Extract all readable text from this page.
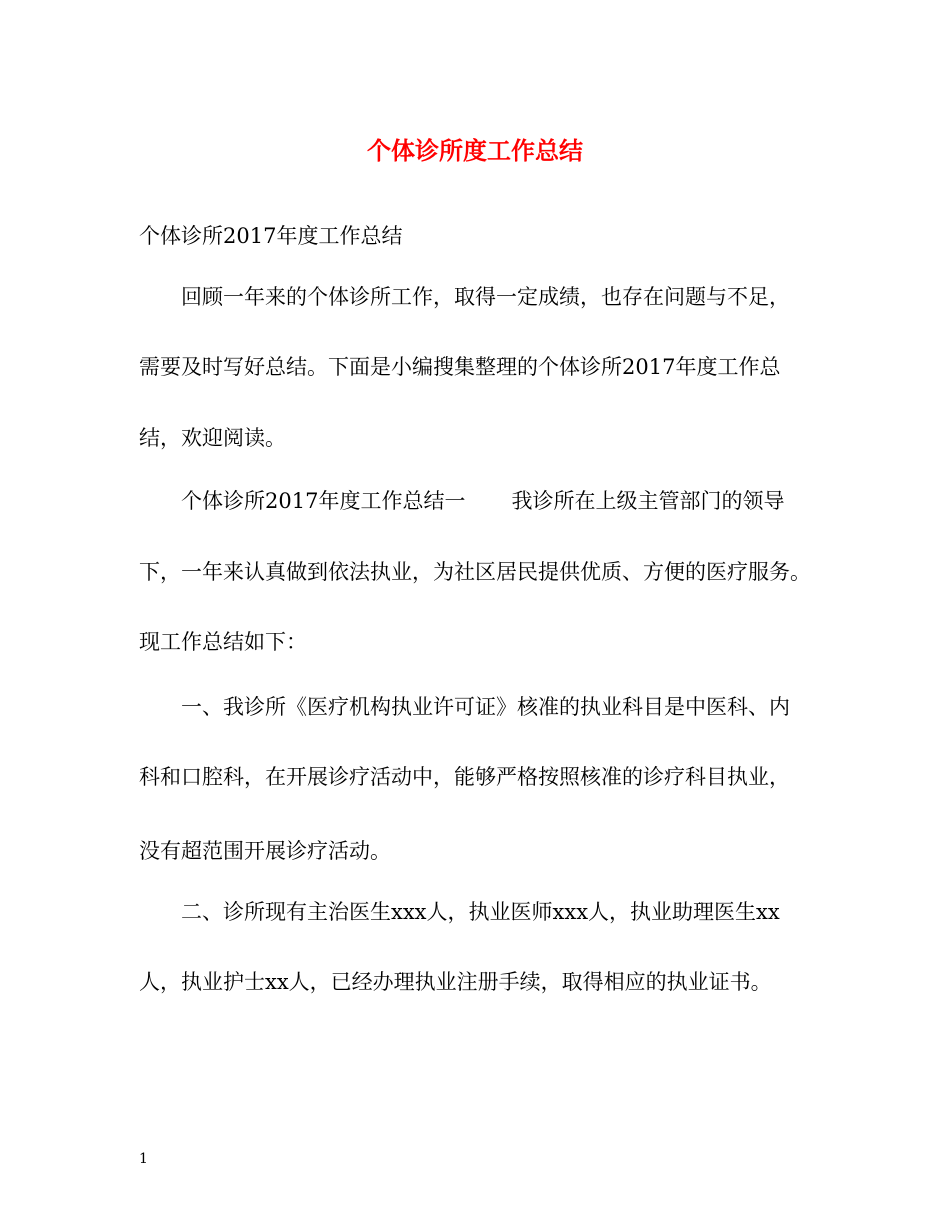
个体诊所度工作总结

个体诊所2017年度工作总结

回顾一年来的个体诊所工作，取得一定成绩，也存在问题与不足，

需要及时写好总结。下面是小编搜集整理的个体诊所2017年度工作总

结，欢迎阅读。

个体诊所2017年度工作总结一 我诊所在上级主管部门的领导

下，一年来认真做到依法执业，为社区居民提供优质、方便的医疗服务。

现工作总结如下：

一、我诊所《医疗机构执业许可证》核准的执业科目是中医科、内

科和口腔科，在开展诊疗活动中，能够严格按照核准的诊疗科目执业，

没有超范围开展诊疗活动。

二、诊所现有主治医生xxx人，执业医师xxx人，执业助理医生xx

人，执业护士xx人，已经办理执业注册手续，取得相应的执业证书。

1
